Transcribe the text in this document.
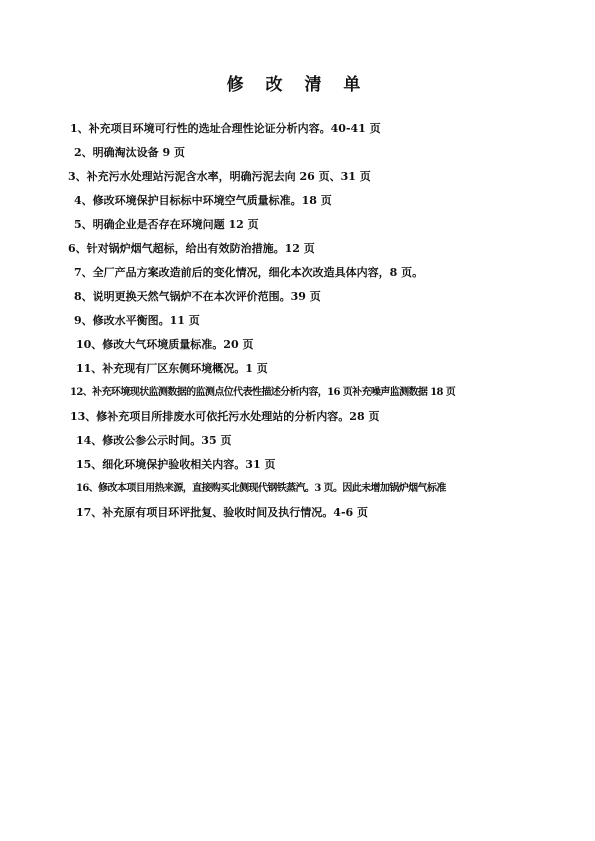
修 改 清 单
1、补充项目环境可行性的选址合理性论证分析内容。40-41 页
2、明确淘汰设备 9 页
3、补充污水处理站污泥含水率，明确污泥去向 26 页、31 页
4、修改环境保护目标标中环境空气质量标准。18 页
5、明确企业是否存在环境问题 12 页
6、针对锅炉烟气超标，给出有效防治措施。12 页
7、全厂产品方案改造前后的变化情况，细化本次改造具体内容，8 页。
8、说明更换天然气锅炉不在本次评价范围。39 页
9、修改水平衡图。11 页
10、修改大气环境质量标准。20 页
11、补充现有厂区东侧环境概况。1 页
12、补充环境现状监测数据的监测点位代表性描述分析内容，16 页补充噪声监测数据 18 页
13、修补充项目所排废水可依托污水处理站的分析内容。28 页
14、修改公参公示时间。35 页
15、细化环境保护验收相关内容。31 页
16、修改本项目用热来源，直接购买北侧现代钢铁蒸汽。3 页。因此未增加锅炉烟气标准
17、补充原有项目环评批复、验收时间及执行情况。4-6 页
